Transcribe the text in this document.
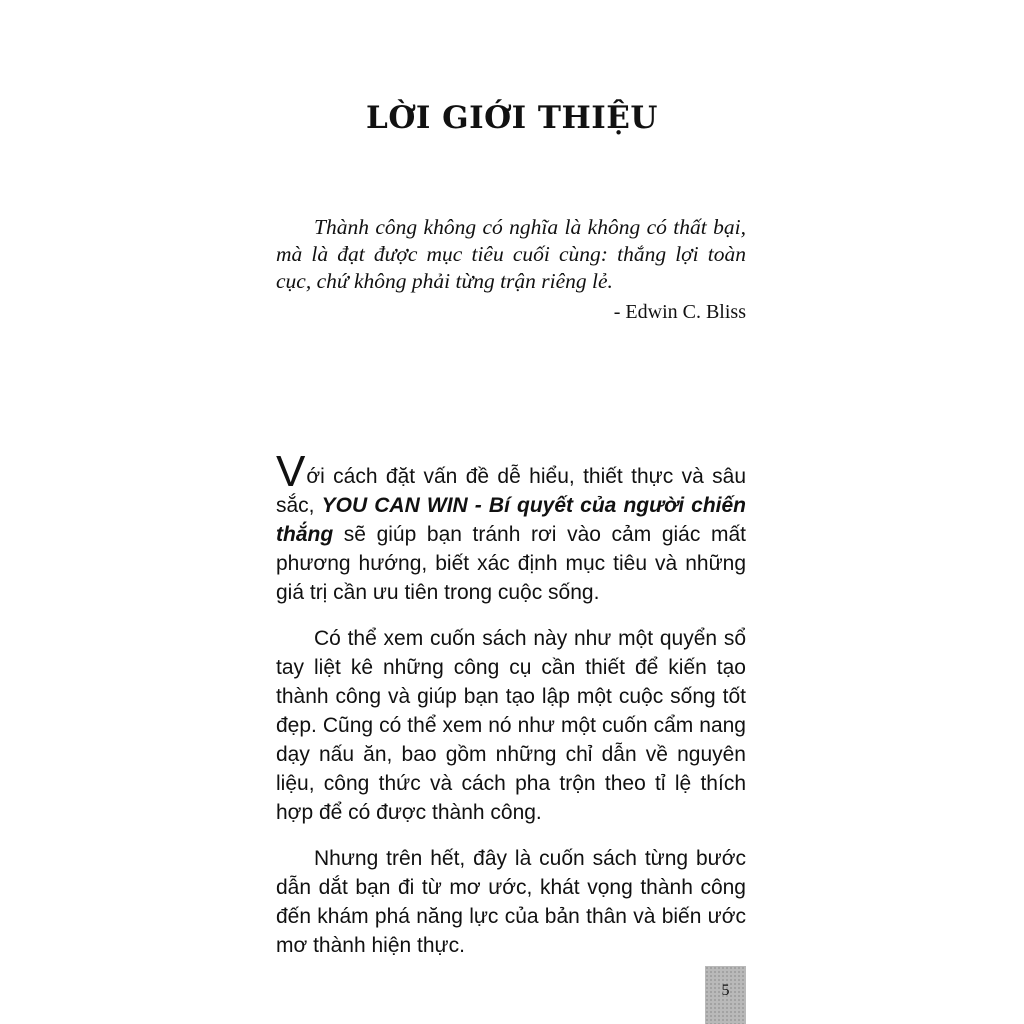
LỜI GIỚI THIỆU

Thành công không có nghĩa là không có thất bại, mà là đạt được mục tiêu cuối cùng: thắng lợi toàn cục, chứ không phải từng trận riêng lẻ.

- Edwin C. Bliss

Với cách đặt vấn đề dễ hiểu, thiết thực và sâu sắc, YOU CAN WIN - Bí quyết của người chiến thắng sẽ giúp bạn tránh rơi vào cảm giác mất phương hướng, biết xác định mục tiêu và những giá trị cần ưu tiên trong cuộc sống.

Có thể xem cuốn sách này như một quyển sổ tay liệt kê những công cụ cần thiết để kiến tạo thành công và giúp bạn tạo lập một cuộc sống tốt đẹp. Cũng có thể xem nó như một cuốn cẩm nang dạy nấu ăn, bao gồm những chỉ dẫn về nguyên liệu, công thức và cách pha trộn theo tỉ lệ thích hợp để có được thành công.

Nhưng trên hết, đây là cuốn sách từng bước dẫn dắt bạn đi từ mơ ước, khát vọng thành công đến khám phá năng lực của bản thân và biến ước mơ thành hiện thực.

5
